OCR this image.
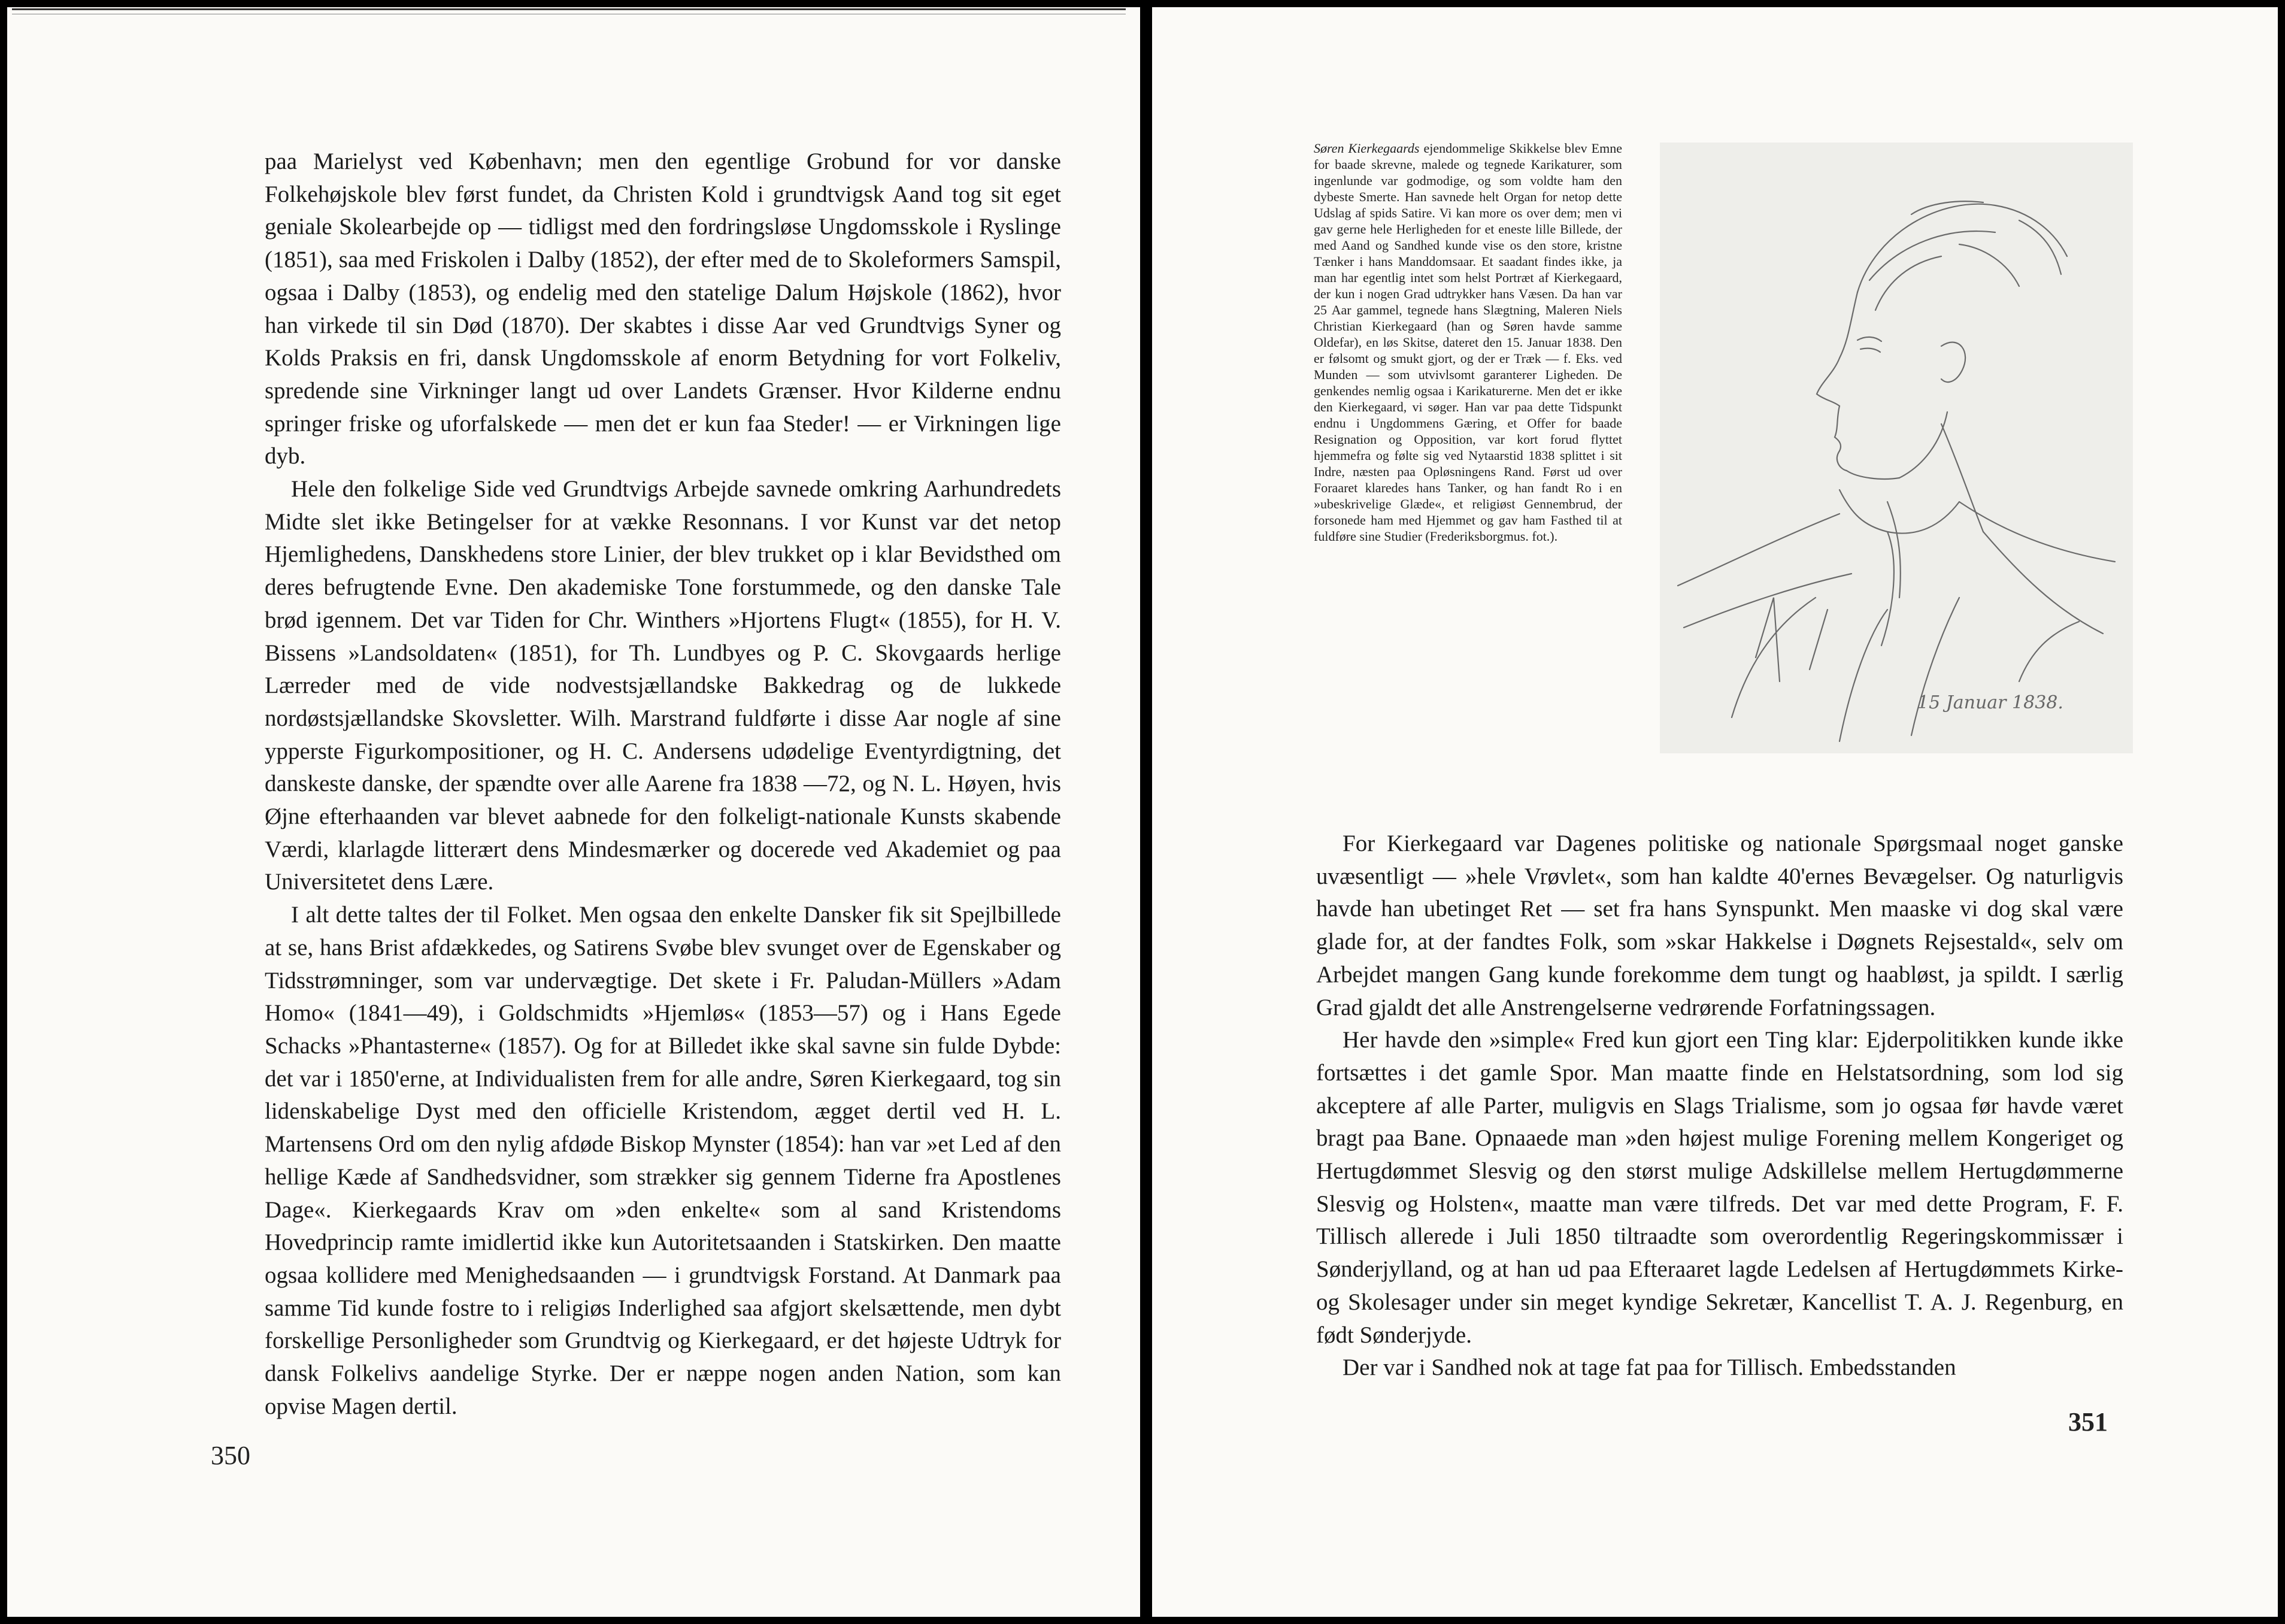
paa Marielyst ved København; men den egentlige Grobund for vor danske Folkehøjskole blev først fundet, da Christen Kold i grundtvigsk Aand tog sit eget geniale Skolearbejde op — tidligst med den fordringsløse Ungdomsskole i Ryslinge (1851), saa med Friskolen i Dalby (1852), der efter med de to Skoleformers Samspil, ogsaa i Dalby (1853), og endelig med den statelige Dalum Højskole (1862), hvor han virkede til sin Død (1870). Der skabtes i disse Aar ved Grundtvigs Syner og Kolds Praksis en fri, dansk Ungdomsskole af enorm Betydning for vort Folkeliv, spredende sine Virkninger langt ud over Landets Grænser. Hvor Kilderne endnu springer friske og uforfalskede — men det er kun faa Steder! — er Virkningen lige dyb.

Hele den folkelige Side ved Grundtvigs Arbejde savnede omkring Aarhundredets Midte slet ikke Betingelser for at vække Resonnans. I vor Kunst var det netop Hjemlighedens, Danskhedens store Linier, der blev trukket op i klar Bevidsthed om deres befrugtende Evne. Den akademiske Tone forstummede, og den danske Tale brød igennem. Det var Tiden for Chr. Winthers »Hjortens Flugt« (1855), for H. V. Bissens »Landsoldaten« (1851), for Th. Lundbyes og P. C. Skovgaards herlige Lærreder med de vide nodvestsjællandske Bakkedrag og de lukkede nordøstsjællandske Skovsletter. Wilh. Marstrand fuldførte i disse Aar nogle af sine ypperste Figurkompositioner, og H. C. Andersens udødelige Eventyrdigtning, det danskeste danske, der spændte over alle Aarene fra 1838 —72, og N. L. Høyen, hvis Øjne efterhaanden var blevet aabnede for den folkeligt-nationale Kunsts skabende Værdi, klarlagde litterært dens Mindesmærker og docerede ved Akademiet og paa Universitetet dens Lære.

I alt dette taltes der til Folket. Men ogsaa den enkelte Dansker fik sit Spejlbillede at se, hans Brist afdækkedes, og Satirens Svøbe blev svunget over de Egenskaber og Tidsstrømninger, som var undervægtige. Det skete i Fr. Paludan-Müllers »Adam Homo« (1841—49), i Goldschmidts »Hjemløs« (1853—57) og i Hans Egede Schacks »Phantasterne« (1857). Og for at Billedet ikke skal savne sin fulde Dybde: det var i 1850'erne, at Individualisten frem for alle andre, Søren Kierkegaard, tog sin lidenskabelige Dyst med den officielle Kristendom, ægget dertil ved H. L. Martensens Ord om den nylig afdøde Biskop Mynster (1854): han var »et Led af den hellige Kæde af Sandhedsvidner, som strækker sig gennem Tiderne fra Apostlenes Dage«. Kierkegaards Krav om »den enkelte« som al sand Kristendoms Hovedprincip ramte imidlertid ikke kun Autoritetsaanden i Statskirken. Den maatte ogsaa kollidere med Menighedsaanden — i grundtvigsk Forstand. At Danmark paa samme Tid kunde fostre to i religiøs Inderlighed saa afgjort skelsættende, men dybt forskellige Personligheder som Grundtvig og Kierkegaard, er det højeste Udtryk for dansk Folkelivs aandelige Styrke. Der er næppe nogen anden Nation, som kan opvise Magen dertil.

350

Søren Kierkegaards ejendommelige Skikkelse blev Emne for baade skrevne, malede og tegnede Karikaturer, som ingenlunde var godmodige, og som voldte ham den dybeste Smerte. Han savnede helt Organ for netop dette Udslag af spids Satire. Vi kan more os over dem; men vi gav gerne hele Herligheden for et eneste lille Billede, der med Aand og Sandhed kunde vise os den store, kristne Tænker i hans Manddomsaar. Et saadant findes ikke, ja man har egentlig intet som helst Portræt af Kierkegaard, der kun i nogen Grad udtrykker hans Væsen. Da han var 25 Aar gammel, tegnede hans Slægtning, Maleren Niels Christian Kierkegaard (han og Søren havde samme Oldefar), en løs Skitse, dateret den 15. Januar 1838. Den er følsomt og smukt gjort, og der er Træk — f. Eks. ved Munden — som utvivlsomt garanterer Ligheden. De genkendes nemlig ogsaa i Karikaturerne. Men det er ikke den Kierkegaard, vi søger. Han var paa dette Tidspunkt endnu i Ungdommens Gæring, et Offer for baade Resignation og Opposition, var kort forud flyttet hjemmefra og følte sig ved Nytaarstid 1838 splittet i sit Indre, næsten paa Opløsningens Rand. Først ud over Foraaret klaredes hans Tanker, og han fandt Ro i en »ubeskrivelige Glæde«, et religiøst Gennembrud, der forsonede ham med Hjemmet og gav ham Fasthed til at fuldføre sine Studier (Frederiksborgmus. fot.).

15 Januar 1838.

For Kierkegaard var Dagenes politiske og nationale Spørgsmaal noget ganske uvæsentligt — »hele Vrøvlet«, som han kaldte 40'ernes Bevægelser. Og naturligvis havde han ubetinget Ret — set fra hans Synspunkt. Men maaske vi dog skal være glade for, at der fandtes Folk, som »skar Hakkelse i Døgnets Rejsestald«, selv om Arbejdet mangen Gang kunde forekomme dem tungt og haabløst, ja spildt. I særlig Grad gjaldt det alle Anstrengelserne vedrørende Forfatningssagen.

Her havde den »simple« Fred kun gjort een Ting klar: Ejderpolitikken kunde ikke fortsættes i det gamle Spor. Man maatte finde en Helstatsordning, som lod sig akceptere af alle Parter, muligvis en Slags Trialisme, som jo ogsaa før havde været bragt paa Bane. Opnaaede man »den højest mulige Forening mellem Kongeriget og Hertugdømmet Slesvig og den størst mulige Adskillelse mellem Hertugdømmerne Slesvig og Holsten«, maatte man være tilfreds. Det var med dette Program, F. F. Tillisch allerede i Juli 1850 tiltraadte som overordentlig Regeringskommissær i Sønderjylland, og at han ud paa Efteraaret lagde Ledelsen af Hertugdømmets Kirke- og Skolesager under sin meget kyndige Sekretær, Kancellist T. A. J. Regenburg, en født Sønderjyde.

Der var i Sandhed nok at tage fat paa for Tillisch. Embedsstanden

351
